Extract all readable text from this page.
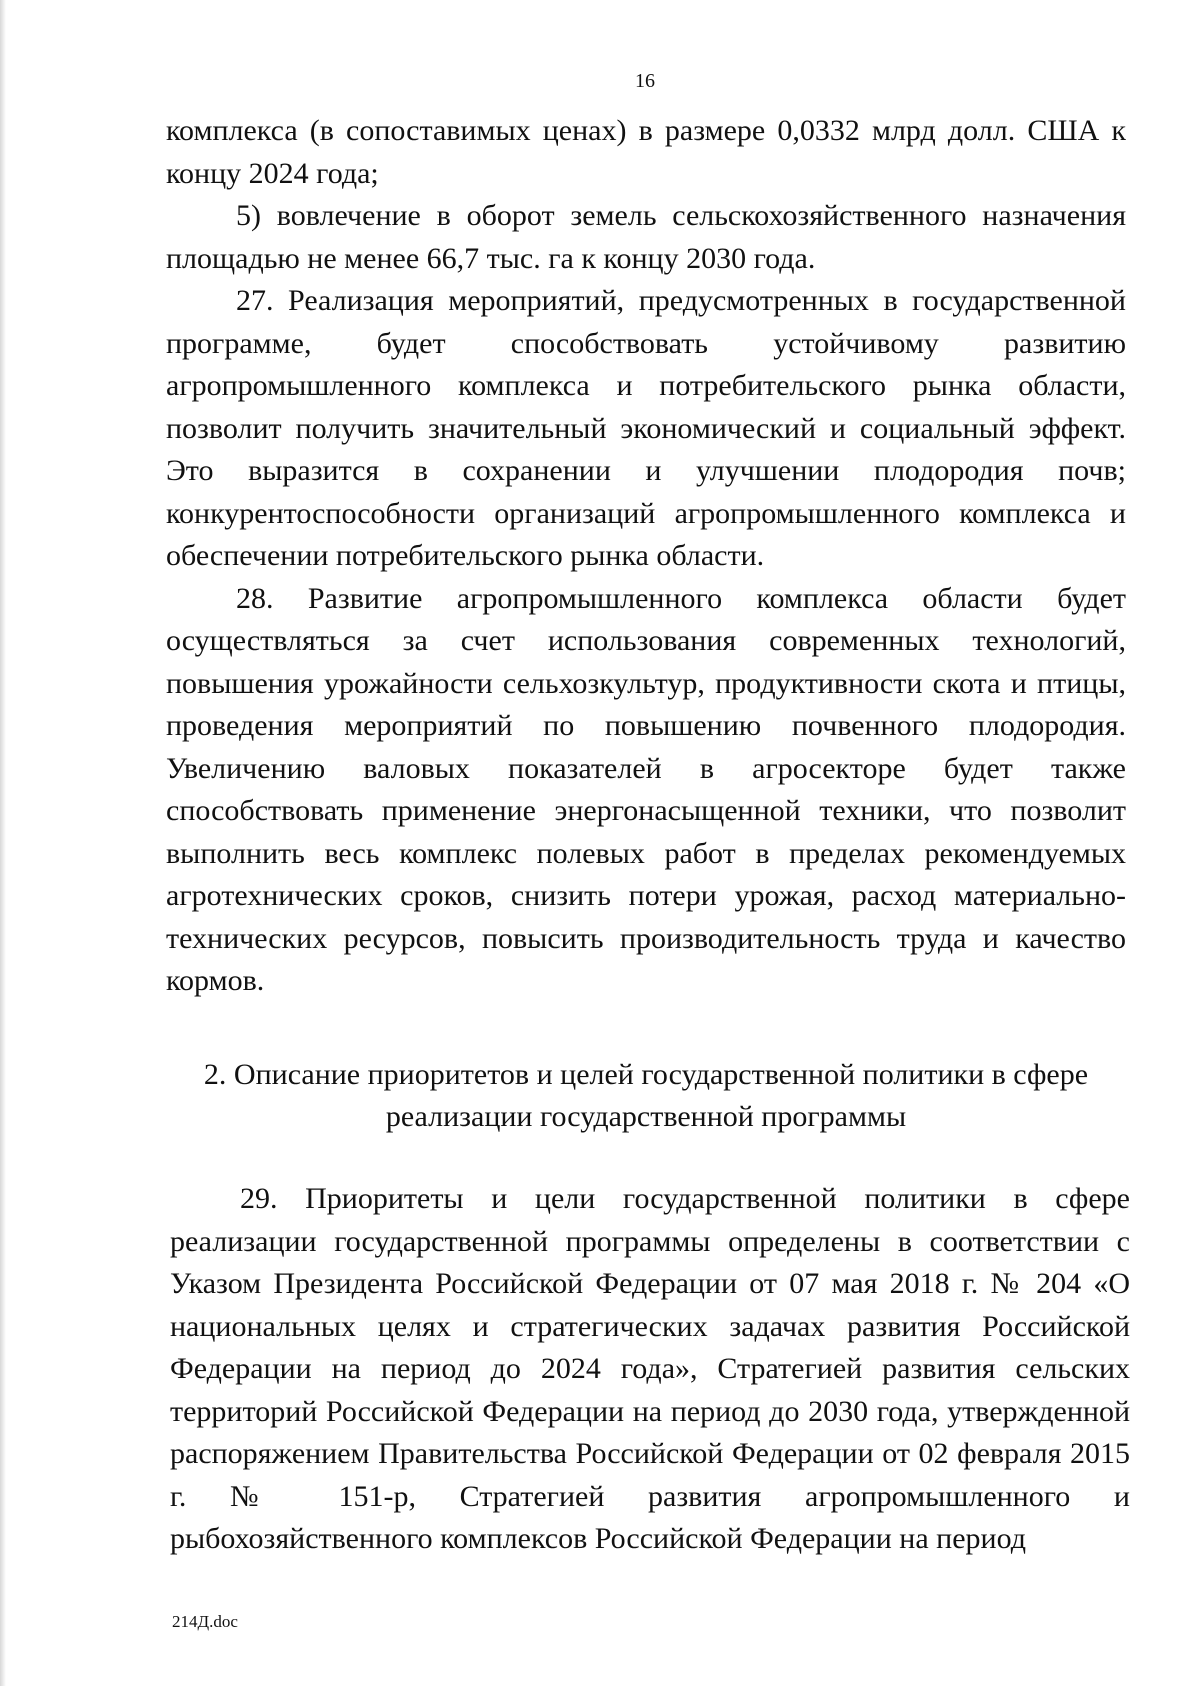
16

комплекса (в сопоставимых ценах) в размере 0,0332 млрд долл. США к концу 2024 года;

5) вовлечение в оборот земель сельскохозяйственного назначения площадью не менее 66,7 тыс. га к концу 2030 года.

27. Реализация мероприятий, предусмотренных в государственной программе, будет способствовать устойчивому развитию агропромышленного комплекса и потребительского рынка области, позволит получить значительный экономический и социальный эффект. Это выразится в сохранении и улучшении плодородия почв; конкурентоспособности организаций агропромышленного комплекса и обеспечении потребительского рынка области.

28. Развитие агропромышленного комплекса области будет осуществляться за счет использования современных технологий, повышения урожайности сельхозкультур, продуктивности скота и птицы, проведения мероприятий по повышению почвенного плодородия. Увеличению валовых показателей в агросекторе будет также способствовать применение энергонасыщенной техники, что позволит выполнить весь комплекс полевых работ в пределах рекомендуемых агротехнических сроков, снизить потери урожая, расход материально-технических ресурсов, повысить производительность труда и качество кормов.

2. Описание приоритетов и целей государственной политики в сфере
реализации государственной программы

29. Приоритеты и цели государственной политики в сфере реализации государственной программы определены в соответствии с Указом Президента Российской Федерации от 07 мая 2018 г. № 204 «О национальных целях и стратегических задачах развития Российской Федерации на период до 2024 года», Стратегией развития сельских территорий Российской Федерации на период до 2030 года, утвержденной распоряжением Правительства Российской Федерации от 02 февраля 2015 г. № 151-р, Стратегией развития агропромышленного и рыбохозяйственного комплексов Российской Федерации на период

214Д.doc
